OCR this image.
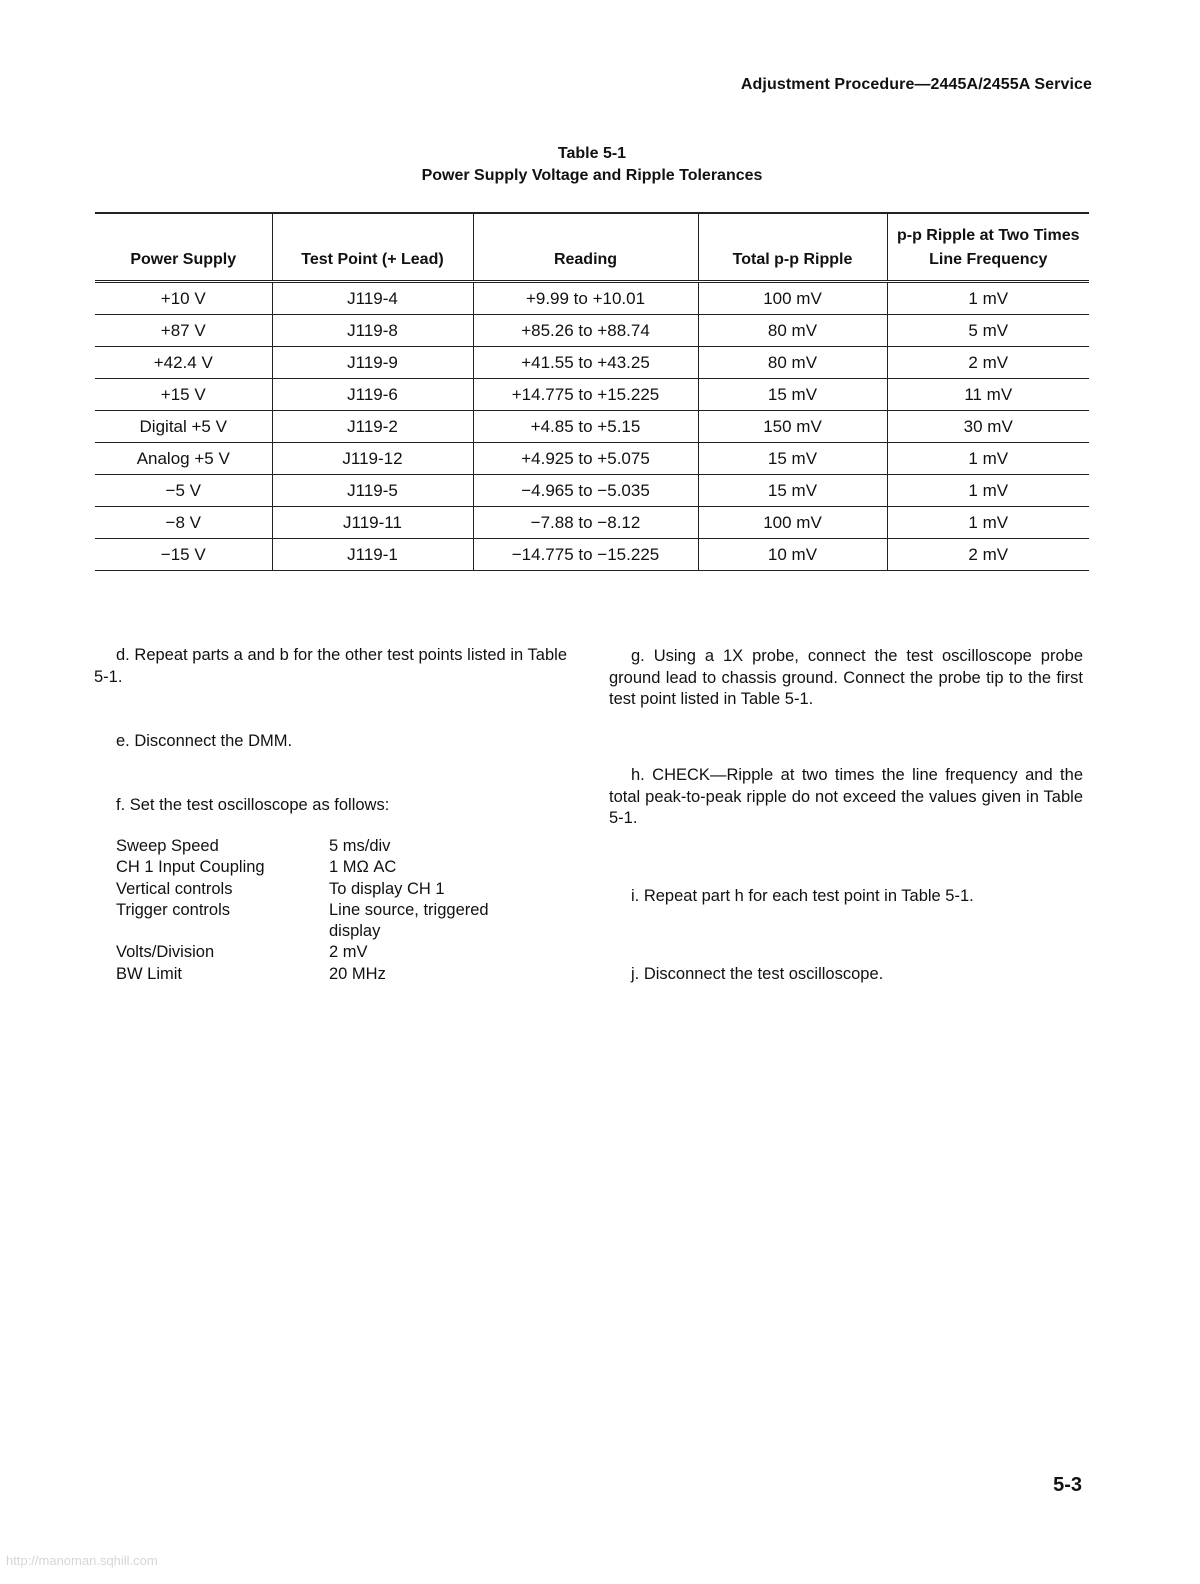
Adjustment Procedure—2445A/2455A Service
Table 5-1
Power Supply Voltage and Ripple Tolerances
Power Supply	Test Point (+ Lead)	Reading	Total p-p Ripple	p-p Ripple at Two Times Line Frequency
+10 V	J119-4	+9.99 to +10.01	100 mV	1 mV
+87 V	J119-8	+85.26 to +88.74	80 mV	5 mV
+42.4 V	J119-9	+41.55 to +43.25	80 mV	2 mV
+15 V	J119-6	+14.775 to +15.225	15 mV	11 mV
Digital +5 V	J119-2	+4.85 to +5.15	150 mV	30 mV
Analog +5 V	J119-12	+4.925 to +5.075	15 mV	1 mV
−5 V	J119-5	−4.965 to −5.035	15 mV	1 mV
−8 V	J119-11	−7.88 to −8.12	100 mV	1 mV
−15 V	J119-1	−14.775 to −15.225	10 mV	2 mV

d. Repeat parts a and b for the other test points listed in Table 5-1.

e. Disconnect the DMM.

f. Set the test oscilloscope as follows:

Sweep Speed	5 ms/div
CH 1 Input Coupling	1 MΩ AC
Vertical controls	To display CH 1
Trigger controls	Line source, triggered display
Volts/Division	2 mV
BW Limit	20 MHz

g. Using a 1X probe, connect the test oscilloscope probe ground lead to chassis ground. Connect the probe tip to the first test point listed in Table 5-1.

h. CHECK—Ripple at two times the line frequency and the total peak-to-peak ripple do not exceed the values given in Table 5-1.

i. Repeat part h for each test point in Table 5-1.

j. Disconnect the test oscilloscope.

5-3
http://manoman.sqhill.com
